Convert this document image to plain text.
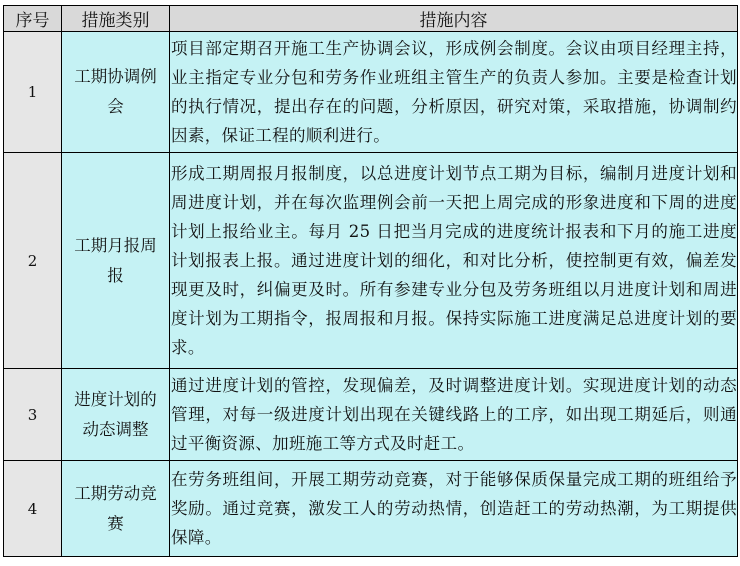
序号	措施类别	措施内容
1	工期协调例会	项目部定期召开施工生产协调会议，形成例会制度。会议由项目经理主持，业主指定专业分包和劳务作业班组主管生产的负责人参加。主要是检查计划的执行情况，提出存在的问题，分析原因，研究对策，采取措施，协调制约因素，保证工程的顺利进行。
2	工期月报周报	形成工期周报月报制度，以总进度计划节点工期为目标，编制月进度计划和周进度计划，并在每次监理例会前一天把上周完成的形象进度和下周的进度计划上报给业主。每月 25 日把当月完成的进度统计报表和下月的施工进度计划报表上报。通过进度计划的细化，和对比分析，使控制更有效，偏差发现更及时，纠偏更及时。所有参建专业分包及劳务班组以月进度计划和周进度计划为工期指令，报周报和月报。保持实际施工进度满足总进度计划的要求。
3	进度计划的动态调整	通过进度计划的管控，发现偏差，及时调整进度计划。实现进度计划的动态管理，对每一级进度计划出现在关键线路上的工序，如出现工期延后，则通过平衡资源、加班施工等方式及时赶工。
4	工期劳动竞赛	在劳务班组间，开展工期劳动竞赛，对于能够保质保量完成工期的班组给予奖励。通过竞赛，激发工人的劳动热情，创造赶工的劳动热潮，为工期提供保障。
